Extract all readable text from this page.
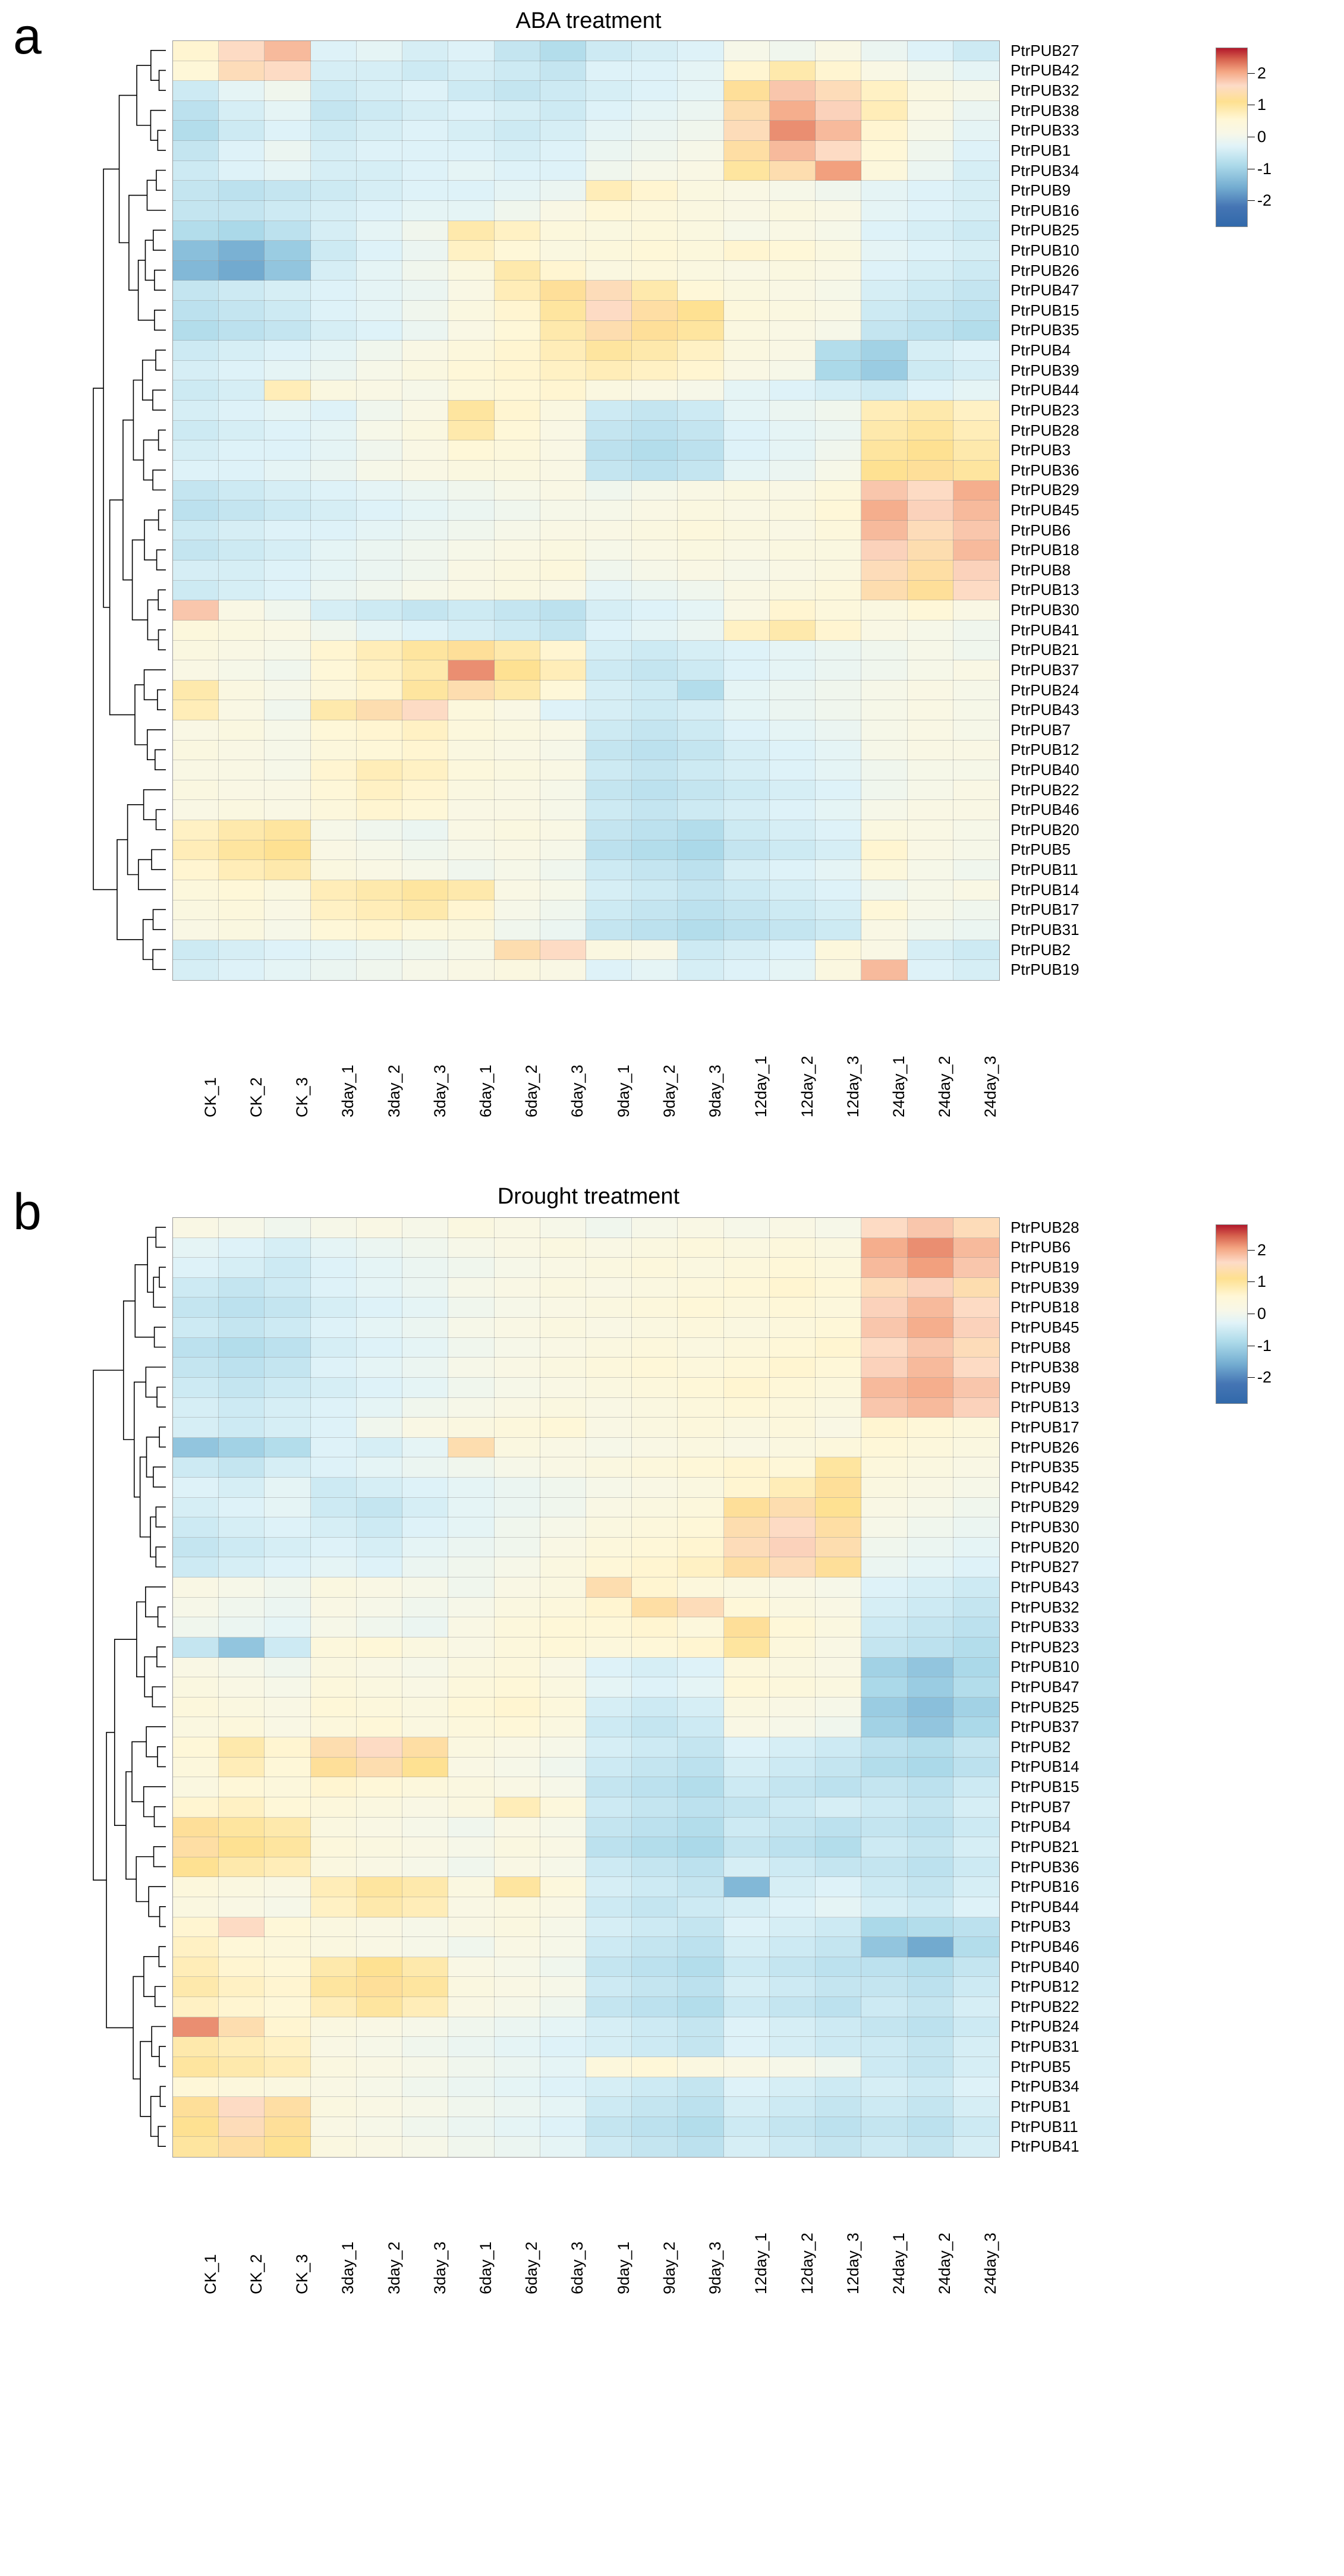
a	ABA treatment
PtrPUB27
PtrPUB42
PtrPUB32
PtrPUB38
PtrPUB33
PtrPUB1
PtrPUB34
PtrPUB9
PtrPUB16
PtrPUB25
PtrPUB10
PtrPUB26
PtrPUB47
PtrPUB15
PtrPUB35
PtrPUB4
PtrPUB39
PtrPUB44
PtrPUB23
PtrPUB28
PtrPUB3
PtrPUB36
PtrPUB29
PtrPUB45
PtrPUB6
PtrPUB18
PtrPUB8
PtrPUB13
PtrPUB30
PtrPUB41
PtrPUB21
PtrPUB37
PtrPUB24
PtrPUB43
PtrPUB7
PtrPUB12
PtrPUB40
PtrPUB22
PtrPUB46
PtrPUB20
PtrPUB5
PtrPUB11
PtrPUB14
PtrPUB17
PtrPUB31
PtrPUB2
PtrPUB19
CK_1 CK_2 CK_3 3day_1 3day_2 3day_3 6day_1 6day_2 6day_3 9day_1 9day_2 9day_3 12day_1 12day_2 12day_3 24day_1 24day_2 24day_3
2
1
0
-1
-2
b	Drought treatment
PtrPUB28
PtrPUB6
PtrPUB19
PtrPUB39
PtrPUB18
PtrPUB45
PtrPUB8
PtrPUB38
PtrPUB9
PtrPUB13
PtrPUB17
PtrPUB26
PtrPUB35
PtrPUB42
PtrPUB29
PtrPUB30
PtrPUB20
PtrPUB27
PtrPUB43
PtrPUB32
PtrPUB33
PtrPUB23
PtrPUB10
PtrPUB47
PtrPUB25
PtrPUB37
PtrPUB2
PtrPUB14
PtrPUB15
PtrPUB7
PtrPUB4
PtrPUB21
PtrPUB36
PtrPUB16
PtrPUB44
PtrPUB3
PtrPUB46
PtrPUB40
PtrPUB12
PtrPUB22
PtrPUB24
PtrPUB31
PtrPUB5
PtrPUB34
PtrPUB1
PtrPUB11
PtrPUB41
CK_1 CK_2 CK_3 3day_1 3day_2 3day_3 6day_1 6day_2 6day_3 9day_1 9day_2 9day_3 12day_1 12day_2 12day_3 24day_1 24day_2 24day_3
2
1
0
-1
-2
